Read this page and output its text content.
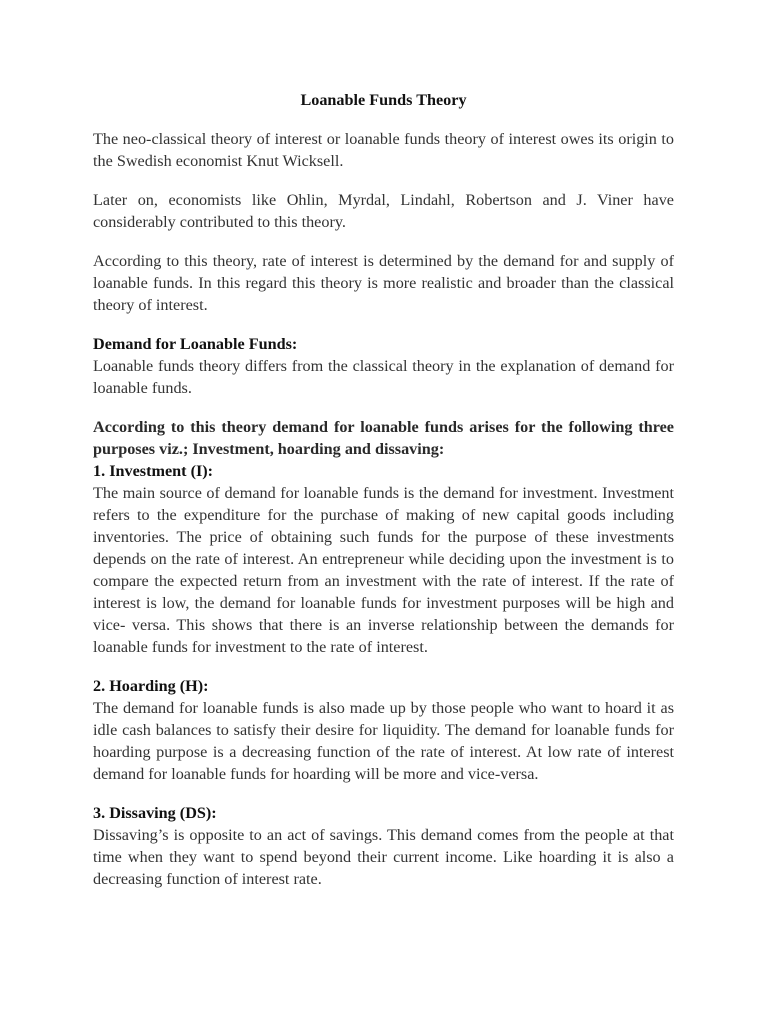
Loanable Funds Theory

The neo-classical theory of interest or loanable funds theory of interest owes its origin to the Swedish economist Knut Wicksell.

Later on, economists like Ohlin, Myrdal, Lindahl, Robertson and J. Viner have considerably contributed to this theory.

According to this theory, rate of interest is determined by the demand for and supply of loanable funds. In this regard this theory is more realistic and broader than the classical theory of interest.

Demand for Loanable Funds:

Loanable funds theory differs from the classical theory in the explanation of demand for loanable funds.

According to this theory demand for loanable funds arises for the following three purposes viz.; Investment, hoarding and dissaving:
1. Investment (I):

The main source of demand for loanable funds is the demand for investment. Investment refers to the expenditure for the purchase of making of new capital goods including inventories. The price of obtaining such funds for the purpose of these investments depends on the rate of interest. An entrepreneur while deciding upon the investment is to compare the expected return from an investment with the rate of interest. If the rate of interest is low, the demand for loanable funds for investment purposes will be high and vice- versa. This shows that there is an inverse relationship between the demands for loanable funds for investment to the rate of interest.

2. Hoarding (H):

The demand for loanable funds is also made up by those people who want to hoard it as idle cash balances to satisfy their desire for liquidity. The demand for loanable funds for hoarding purpose is a decreasing function of the rate of interest. At low rate of interest demand for loanable funds for hoarding will be more and vice-versa.

3. Dissaving (DS):

Dissaving’s is opposite to an act of savings. This demand comes from the people at that time when they want to spend beyond their current income. Like hoarding it is also a decreasing function of interest rate.
